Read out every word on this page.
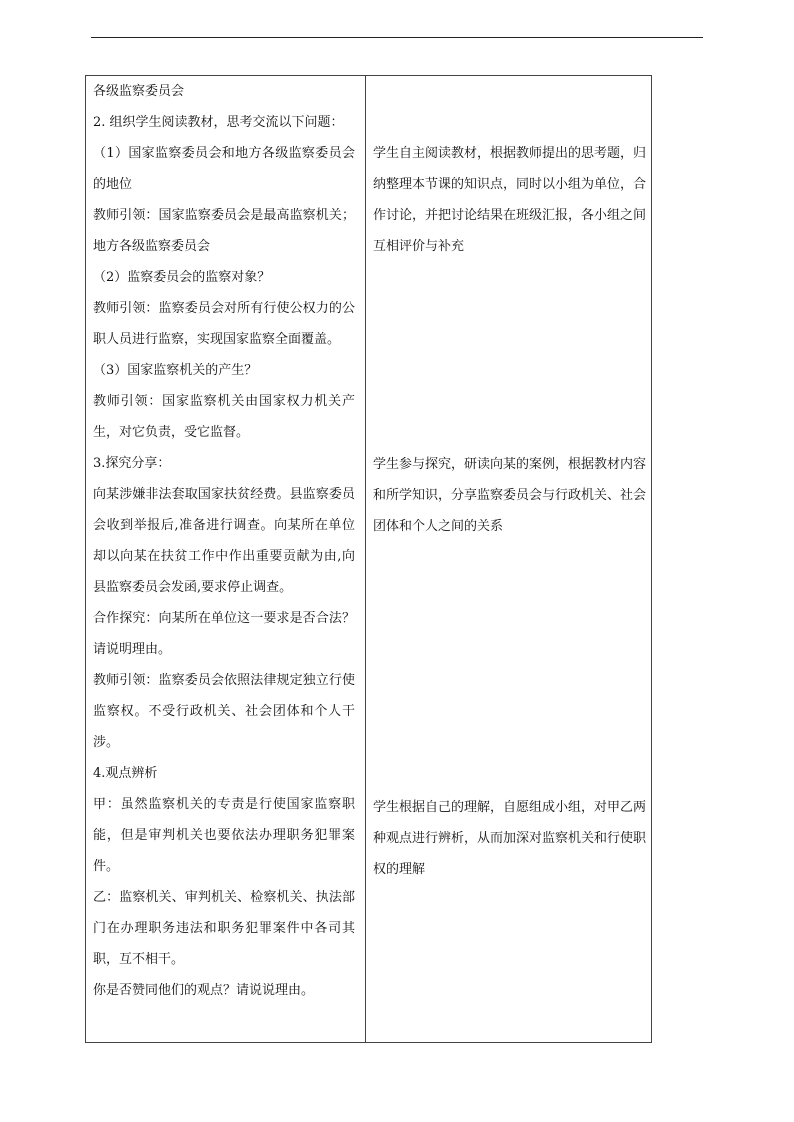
各级监察委员会

2. 组织学生阅读教材，思考交流以下问题：

（1）国家监察委员会和地方各级监察委员会的地位

教师引领：国家监察委员会是最高监察机关；地方各级监察委员会

（2）监察委员会的监察对象？

教师引领：监察委员会对所有行使公权力的公职人员进行监察，实现国家监察全面覆盖。

（3）国家监察机关的产生？

教师引领：国家监察机关由国家权力机关产生，对它负责，受它监督。

3.探究分享：

向某涉嫌非法套取国家扶贫经费。县监察委员会收到举报后,准备进行调查。向某所在单位却以向某在扶贫工作中作出重要贡献为由,向县监察委员会发函,要求停止调查。

合作探究：向某所在单位这一要求是否合法？请说明理由。

教师引领：监察委员会依照法律规定独立行使监察权。不受行政机关、社会团体和个人干涉。

4.观点辨析

甲：虽然监察机关的专责是行使国家监察职能，但是审判机关也要依法办理职务犯罪案件。

乙：监察机关、审判机关、检察机关、执法部门在办理职务违法和职务犯罪案件中各司其职，互不相干。

你是否赞同他们的观点？请说说理由。

学生自主阅读教材，根据教师提出的思考题，归纳整理本节课的知识点，同时以小组为单位，合作讨论，并把讨论结果在班级汇报，各小组之间互相评价与补充

学生参与探究，研读向某的案例，根据教材内容和所学知识，分享监察委员会与行政机关、社会团体和个人之间的关系

学生根据自己的理解，自愿组成小组，对甲乙两种观点进行辨析，从而加深对监察机关和行使职权的理解
